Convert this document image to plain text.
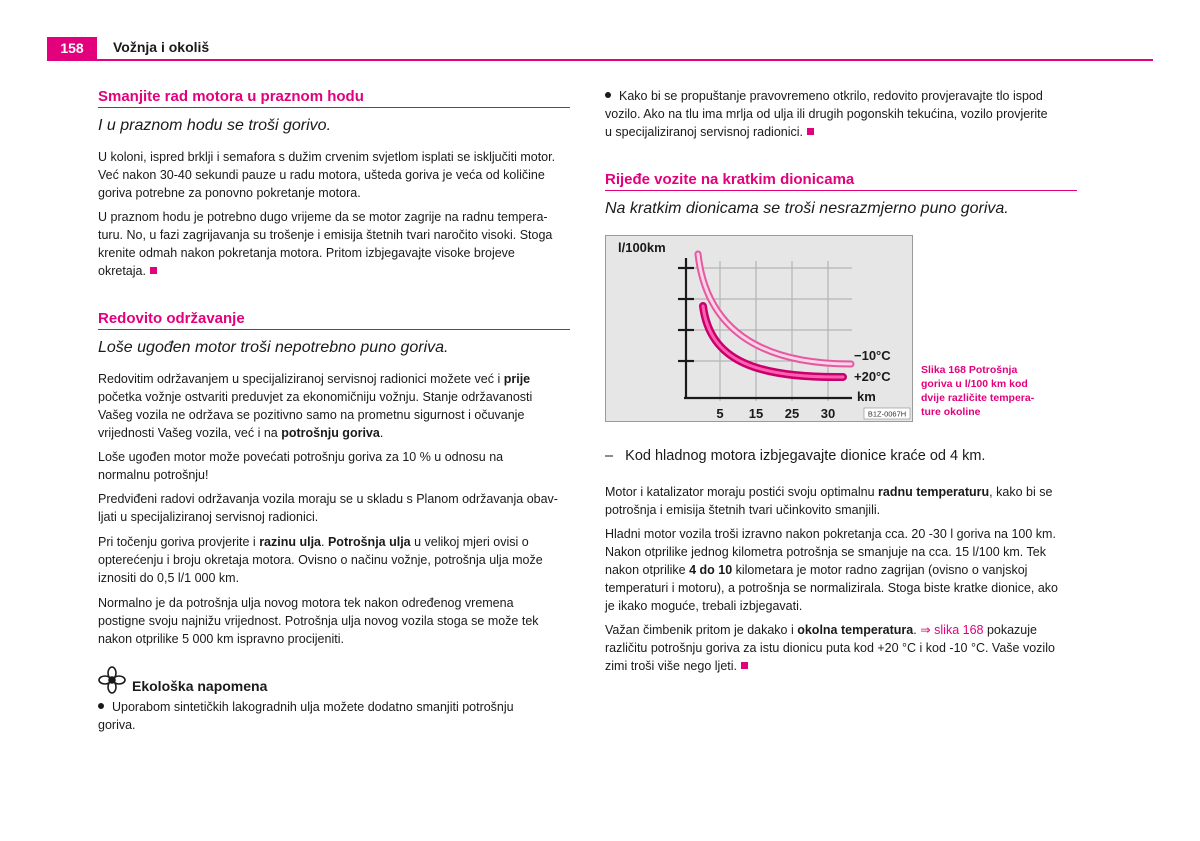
158	Vožnja i okoliš
Smanjite rad motora u praznom hodu
I u praznom hodu se troši gorivo.
U koloni, ispred brklji i semafora s dužim crvenim svjetlom isplati se isključiti motor.
Već nakon 30-40 sekundi pauze u radu motora, ušteda goriva je veća od količine
goriva potrebne za ponovno pokretanje motora.
U praznom hodu je potrebno dugo vrijeme da se motor zagrije na radnu tempera-
turu. No, u fazi zagrijavanja su trošenje i emisija štetnih tvari naročito visoki. Stoga
krenite odmah nakon pokretanja motora. Pritom izbjegavajte visoke brojeve
okretaja.
Redovito održavanje
Loše ugođen motor troši nepotrebno puno goriva.
Redovitim održavanjem u specijaliziranoj servisnoj radionici možete već i prije
početka vožnje ostvariti preduvjet za ekonomičniju vožnju. Stanje održavanosti
Vašeg vozila ne održava se pozitivno samo na prometnu sigurnost i očuvanje
vrijednosti Vašeg vozila, već i na potrošnju goriva.
Loše ugođen motor može povećati potrošnju goriva za 10 % u odnosu na
normalnu potrošnju!
Predviđeni radovi održavanja vozila moraju se u skladu s Planom održavanja obav-
ljati u specijaliziranoj servisnoj radionici.
Pri točenju goriva provjerite i razinu ulja. Potrošnja ulja u velikoj mjeri ovisi o
opterećenju i broju okretaja motora. Ovisno o načinu vožnje, potrošnja ulja može
iznositi do 0,5 l/1 000 km.
Normalno je da potrošnja ulja novog motora tek nakon određenog vremena
postigne svoju najnižu vrijednost. Potrošnja ulja novog vozila stoga se može tek
nakon otprilike 5 000 km ispravno procijeniti.
Ekološka napomena
Uporabom sintetičkih lakogradnih ulja možete dodatno smanjiti potrošnju
goriva.
Kako bi se propuštanje pravovremeno otkrilo, redovito provjeravajte tlo ispod
vozilo. Ako na tlu ima mrlja od ulja ili drugih pogonskih tekućina, vozilo provjerite
u specijaliziranoj servisnoj radionici.
Rijeđe vozite na kratkim dionicama
Na kratkim dionicama se troši nesrazmjerno puno goriva.
l/100km
−10°C
+20°C
km
5 15 25 30	B1Z-0067H
Slika 168 Potrošnja
goriva u l/100 km kod
dvije različite tempera-
ture okoline
–   Kod hladnog motora izbjegavajte dionice kraće od 4 km.
Motor i katalizator moraju postići svoju optimalnu radnu temperaturu, kako bi se
potrošnja i emisija štetnih tvari učinkovito smanjili.
Hladni motor vozila troši izravno nakon pokretanja cca. 20 -30 l goriva na 100 km.
Nakon otprilike jednog kilometra potrošnja se smanjuje na cca. 15 l/100 km. Tek
nakon otprilike 4 do 10 kilometara je motor radno zagrijan (ovisno o vanjskoj
temperaturi i motoru), a potrošnja se normalizirala. Stoga biste kratke dionice, ako
je ikako moguće, trebali izbjegavati.
Važan čimbenik pritom je dakako i okolna temperatura. ⇒ slika 168 pokazuje
različitu potrošnju goriva za istu dionicu puta kod +20 °C i kod -10 °C. Vaše vozilo
zimi troši više nego ljeti.
